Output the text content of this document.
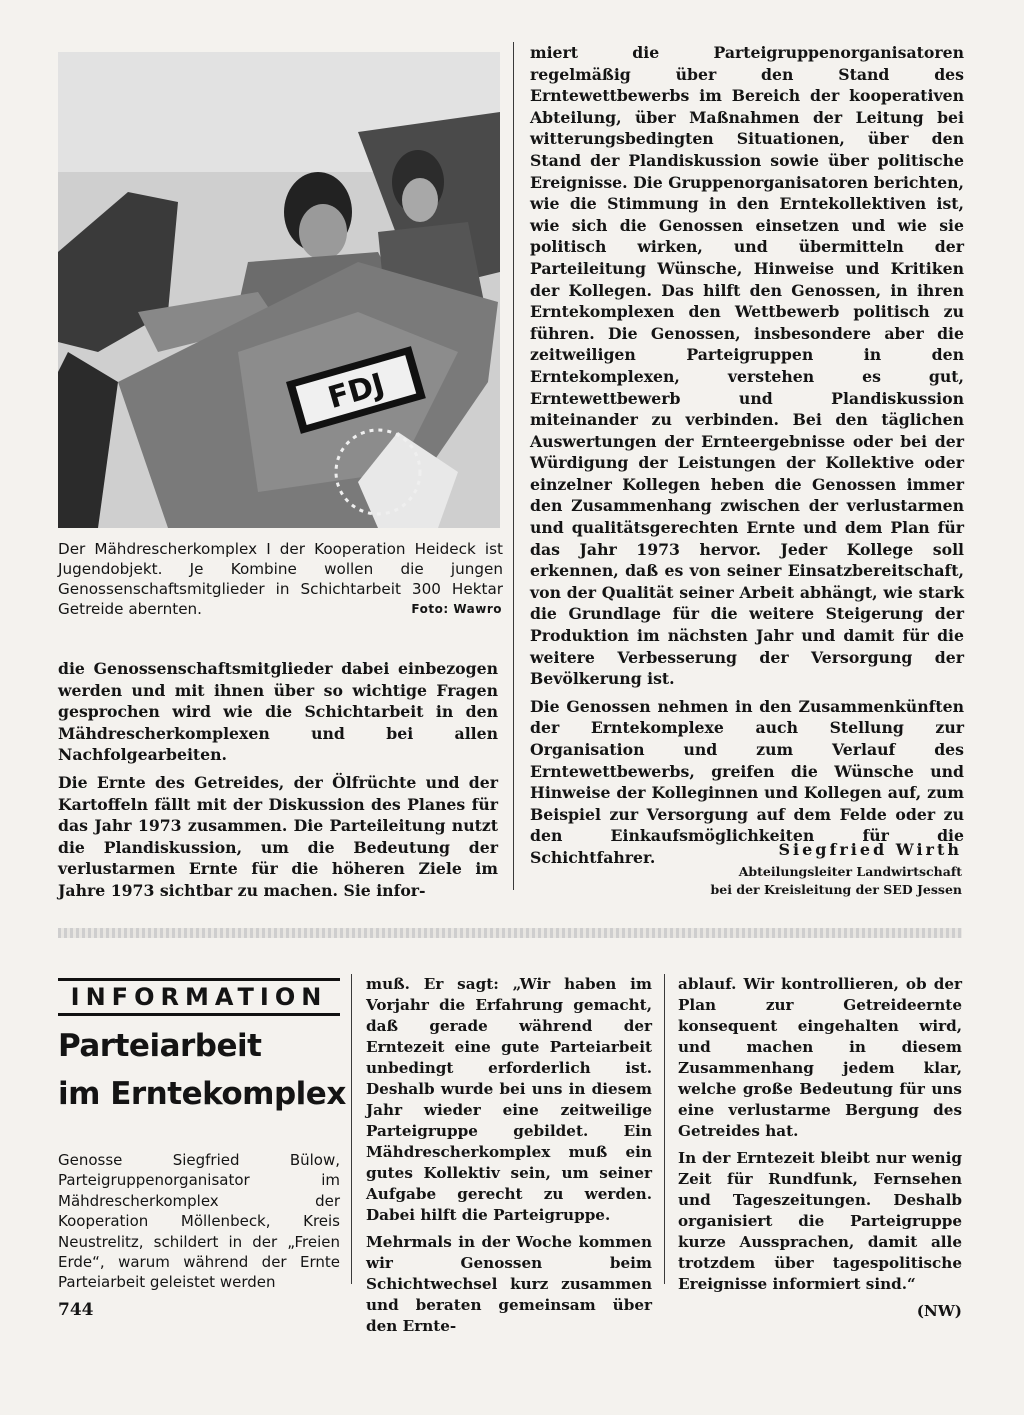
FDJ
Der Mähdrescherkomplex I der Kooperation Heideck ist Jugendobjekt. Je Kombine wollen die jungen Genossenschaftsmitglieder in Schichtarbeit 300 Hektar Getreide abernten.	Foto: Wawro

die Genossenschaftsmitglieder dabei einbezogen werden und mit ihnen über so wichtige Fragen gesprochen wird wie die Schichtarbeit in den Mähdrescherkomplexen und bei allen Nachfolgearbeiten.

Die Ernte des Getreides, der Ölfrüchte und der Kartoffeln fällt mit der Diskussion des Planes für das Jahr 1973 zusammen. Die Parteileitung nutzt die Plandiskussion, um die Bedeutung der verlustarmen Ernte für die höheren Ziele im Jahre 1973 sichtbar zu machen. Sie infor-

miert die Parteigruppenorganisatoren regelmäßig über den Stand des Erntewettbewerbs im Bereich der kooperativen Abteilung, über Maßnahmen der Leitung bei witterungsbedingten Situationen, über den Stand der Plandiskussion sowie über politische Ereignisse. Die Gruppenorganisatoren berichten, wie die Stimmung in den Erntekollektiven ist, wie sich die Genossen einsetzen und wie sie politisch wirken, und übermitteln der Parteileitung Wünsche, Hinweise und Kritiken der Kollegen. Das hilft den Genossen, in ihren Erntekomplexen den Wettbewerb politisch zu führen. Die Genossen, insbesondere aber die zeitweiligen Parteigruppen in den Erntekomplexen, verstehen es gut, Erntewettbewerb und Plandiskussion miteinander zu verbinden. Bei den täglichen Auswertungen der Ernteergebnisse oder bei der Würdigung der Leistungen der Kollektive oder einzelner Kollegen heben die Genossen immer den Zusammenhang zwischen der verlustarmen und qualitätsgerechten Ernte und dem Plan für das Jahr 1973 hervor. Jeder Kollege soll erkennen, daß es von seiner Einsatzbereitschaft, von der Qualität seiner Arbeit abhängt, wie stark die Grundlage für die weitere Steigerung der Produktion im nächsten Jahr und damit für die weitere Verbesserung der Versorgung der Bevölkerung ist.

Die Genossen nehmen in den Zusammenkünften der Erntekomplexe auch Stellung zur Organisation und zum Verlauf des Erntewettbewerbs, greifen die Wünsche und Hinweise der Kolleginnen und Kollegen auf, zum Beispiel zur Versorgung auf dem Felde oder zu den Einkaufsmöglichkeiten für die Schichtfahrer.	Siegfried Wirth
Abteilungsleiter Landwirtschaft
bei der Kreisleitung der SED Jessen
INFORMATION
Parteiarbeit
im Erntekomplex
Genosse Siegfried Bülow, Parteigruppenorganisator im Mähdrescherkomplex der Kooperation Möllenbeck, Kreis Neustrelitz, schildert in der „Freien Erde“, warum während der Ernte Parteiarbeit geleistet werden

muß. Er sagt: „Wir haben im Vorjahr die Erfahrung gemacht, daß gerade während der Erntezeit eine gute Parteiarbeit unbedingt erforderlich ist. Deshalb wurde bei uns in diesem Jahr wieder eine zeitweilige Parteigruppe gebildet. Ein Mähdrescherkomplex muß ein gutes Kollektiv sein, um seiner Aufgabe gerecht zu werden. Dabei hilft die Parteigruppe.

Mehrmals in der Woche kommen wir Genossen beim Schichtwechsel kurz zusammen und beraten gemeinsam über den Ernte-

ablauf. Wir kontrollieren, ob der Plan zur Getreideernte konsequent eingehalten wird, und machen in diesem Zusammenhang jedem klar, welche große Bedeutung für uns eine verlustarme Bergung des Getreides hat.

In der Erntezeit bleibt nur wenig Zeit für Rundfunk, Fernsehen und Tageszeitungen. Deshalb organisiert die Parteigruppe kurze Aussprachen, damit alle trotzdem über tagespolitische Ereignisse informiert sind.“

(NW)

744
